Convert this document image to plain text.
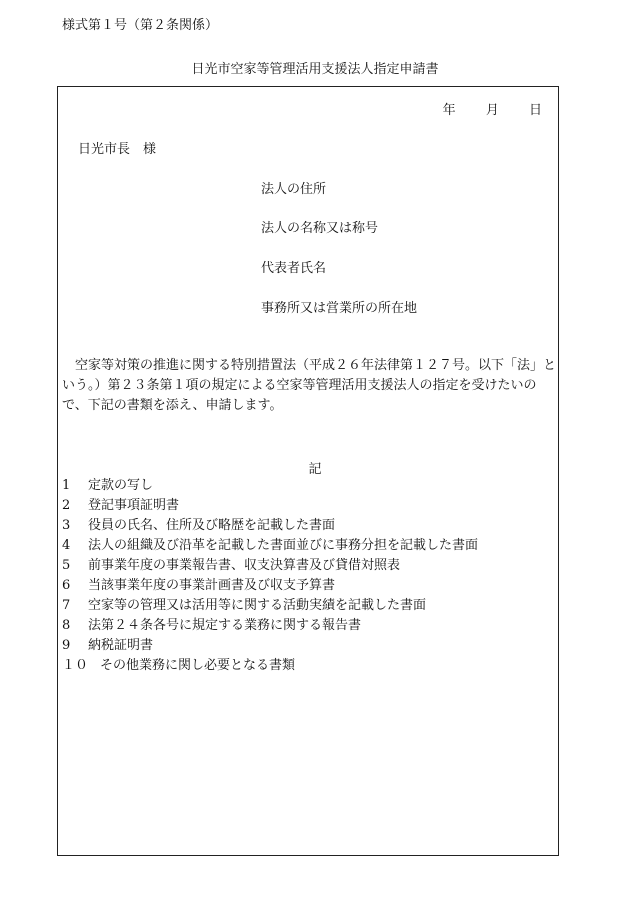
様式第１号（第２条関係）
日光市空家等管理活用支援法人指定申請書
年 月 日
日光市長　様
法人の住所
法人の名称又は称号
代表者氏名
事務所又は営業所の所在地
空家等対策の推進に関する特別措置法（平成２６年法律第１２７号。以下「法」という。）第２３条第１項の規定による空家等管理活用支援法人の指定を受けたいので、下記の書類を添え、申請します。
記
1 定款の写し
2 登記事項証明書
3 役員の氏名、住所及び略歴を記載した書面
4 法人の組織及び沿革を記載した書面並びに事務分担を記載した書面
5 前事業年度の事業報告書、収支決算書及び貸借対照表
6 当該事業年度の事業計画書及び収支予算書
7 空家等の管理又は活用等に関する活動実績を記載した書面
8 法第２４条各号に規定する業務に関する報告書
9 納税証明書
１０ その他業務に関し必要となる書類
